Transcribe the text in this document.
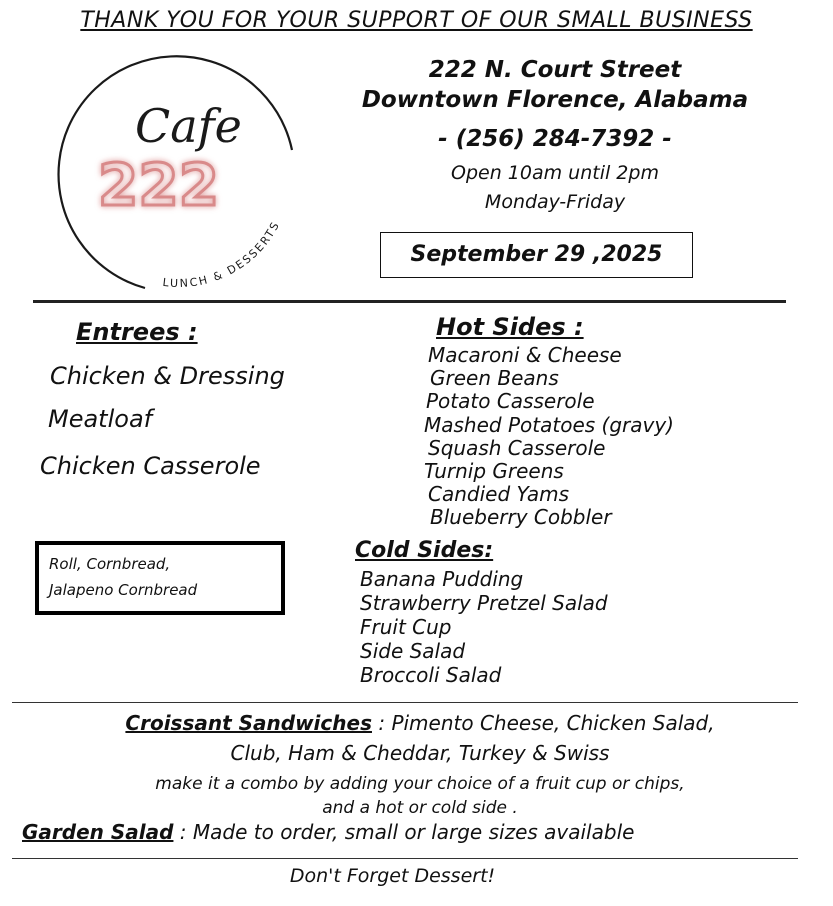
THANK YOU FOR YOUR SUPPORT OF OUR SMALL BUSINESS
Cafe
222
LUNCH & DESSERTS
222 N. Court Street
Downtown Florence, Alabama
- (256) 284-7392 -
Open 10am until 2pm
Monday-Friday
September 29 ,2025
Entrees :
Chicken & Dressing
Meatloaf
Chicken Casserole
Hot Sides :
Macaroni & Cheese
Green Beans
Potato Casserole
Mashed Potatoes (gravy)
Squash Casserole
Turnip Greens
Candied Yams
Blueberry Cobbler
Roll, Cornbread,
Jalapeno Cornbread
Cold Sides:
Banana Pudding
Strawberry Pretzel Salad
Fruit Cup
Side Salad
Broccoli Salad
Croissant Sandwiches : Pimento Cheese, Chicken Salad,
Club, Ham & Cheddar, Turkey & Swiss
make it a combo by adding your choice of a fruit cup or chips,
and a hot or cold side .
Garden Salad : Made to order, small or large sizes available
Don't Forget Dessert!
